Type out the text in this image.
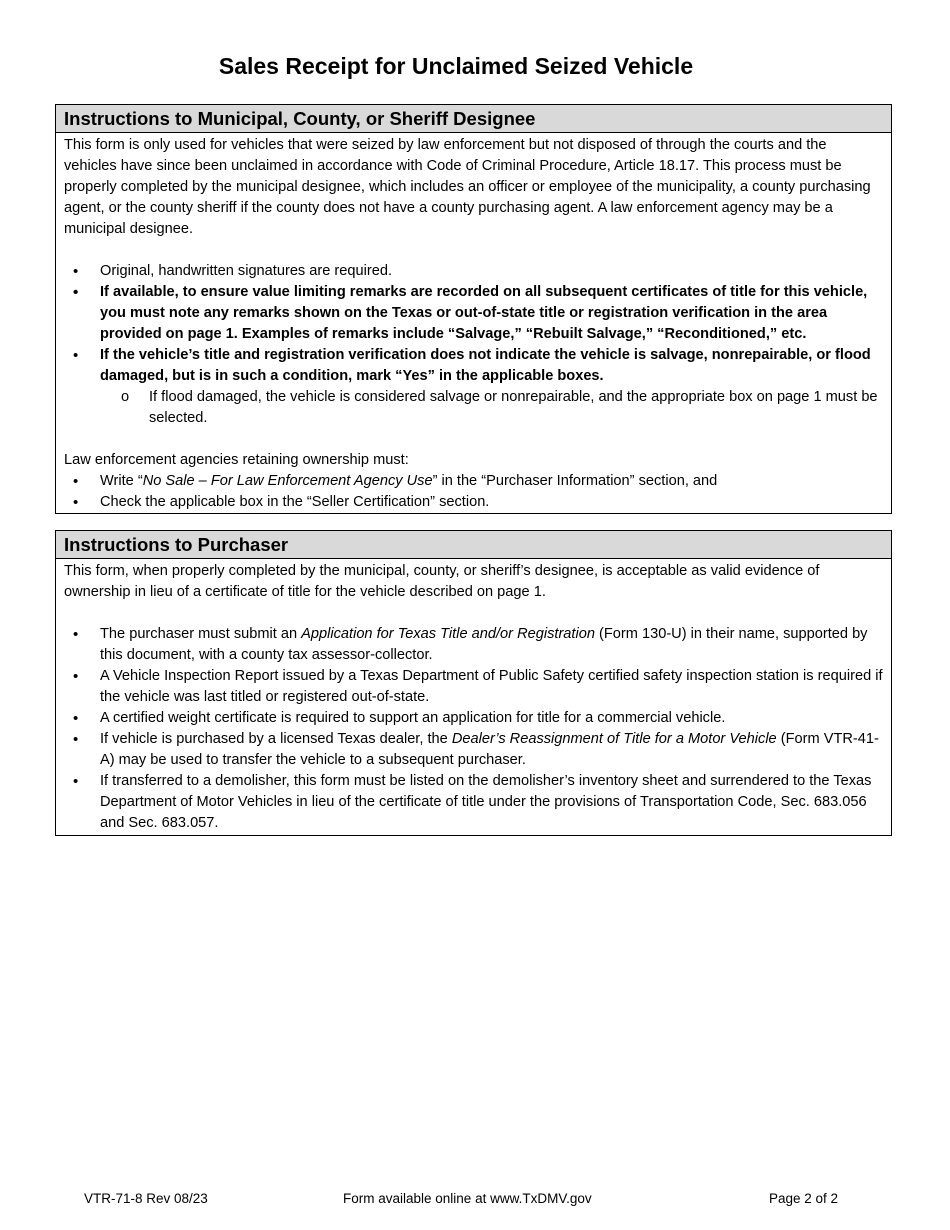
Sales Receipt for Unclaimed Seized Vehicle
Instructions to Municipal, County, or Sheriff Designee

This form is only used for vehicles that were seized by law enforcement but not disposed of through the courts and the vehicles have since been unclaimed in accordance with Code of Criminal Procedure, Article 18.17. This process must be properly completed by the municipal designee, which includes an officer or employee of the municipality, a county purchasing agent, or the county sheriff if the county does not have a county purchasing agent. A law enforcement agency may be a municipal designee.

• Original, handwritten signatures are required.
• If available, to ensure value limiting remarks are recorded on all subsequent certificates of title for this vehicle, you must note any remarks shown on the Texas or out-of-state title or registration verification in the area provided on page 1. Examples of remarks include “Salvage,” “Rebuilt Salvage,” “Reconditioned,” etc.
• If the vehicle’s title and registration verification does not indicate the vehicle is salvage, nonrepairable, or flood damaged, but is in such a condition, mark “Yes” in the applicable boxes.
o If flood damaged, the vehicle is considered salvage or nonrepairable, and the appropriate box on page 1 must be selected.

Law enforcement agencies retaining ownership must:

• Write “No Sale – For Law Enforcement Agency Use” in the “Purchaser Information” section, and
• Check the applicable box in the “Seller Certification” section.
Instructions to Purchaser

This form, when properly completed by the municipal, county, or sheriff’s designee, is acceptable as valid evidence of ownership in lieu of a certificate of title for the vehicle described on page 1.

• The purchaser must submit an Application for Texas Title and/or Registration (Form 130-U) in their name, supported by this document, with a county tax assessor-collector.
• A Vehicle Inspection Report issued by a Texas Department of Public Safety certified safety inspection station is required if the vehicle was last titled or registered out-of-state.
• A certified weight certificate is required to support an application for title for a commercial vehicle.
• If vehicle is purchased by a licensed Texas dealer, the Dealer’s Reassignment of Title for a Motor Vehicle (Form VTR-41-A) may be used to transfer the vehicle to a subsequent purchaser.
• If transferred to a demolisher, this form must be listed on the demolisher’s inventory sheet and surrendered to the Texas Department of Motor Vehicles in lieu of the certificate of title under the provisions of Transportation Code, Sec. 683.056 and Sec. 683.057.
VTR-71-8 Rev 08/23	Form available online at www.TxDMV.gov	Page 2 of 2
